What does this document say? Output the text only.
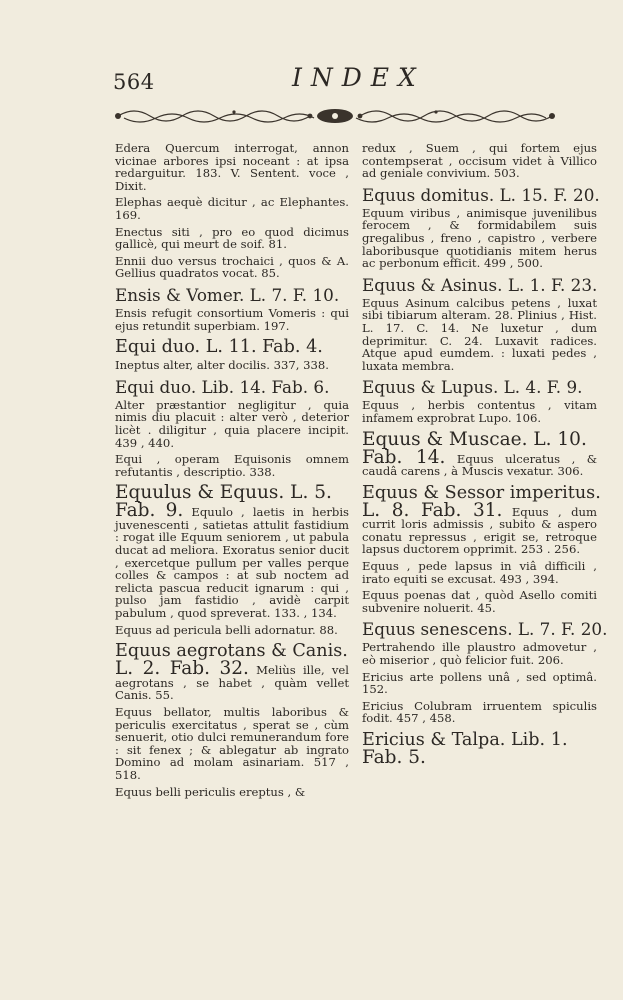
564	INDEX
Edera Quercum interrogat, annon vicinae arbores ipsi noceant : at ipsa redarguitur. 183. V. Sentent. voce , Dixit.
Elephas aequè dicitur , ac Elephantes. 169.
Enectus siti , pro eo quod dicimus gallicè, qui meurt de soif. 81.
Ennii duo versus trochaici , quos & A. Gellius quadratos vocat. 85.
Ensis & Vomer. L. 7. F. 10.
Ensis refugit consortium Vomeris : qui ejus retundit superbiam. 197.
Equi duo. L. 11. Fab. 4.
Ineptus alter, alter docilis. 337, 338.
Equi duo. Lib. 14. Fab. 6.
Alter præstantior negligitur , quia nimis diu placuit : alter verò , deterior licèt . diligitur , quia placere incipit. 439 , 440.
Equi , operam Equisonis omnem refutantis , descriptio. 338.
Equulus & Equus. L. 5.
Fab. 9. Equulo , laetis in herbis juvenescenti , satietas attulit fastidium : rogat ille Equum seniorem , ut pabula ducat ad meliora. Exoratus senior ducit , exercetque pullum per valles perque colles & campos : at sub noctem ad relicta pascua reducit ignarum : qui , pulso jam fastidio , avidè carpit pabulum , quod spreverat. 133. , 134.
Equus ad pericula belli adornatur. 88.
Equus aegrotans & Canis.
L. 2. Fab. 32. Meliùs ille, vel aegrotans , se habet , quàm vellet Canis. 55.
Equus bellator, multis laboribus & periculis exercitatus , sperat se , cùm senuerit, otio dulci remunerandum fore : sit fenex ; & ablegatur ab ingrato Domino ad molam asinariam. 517 , 518.
Equus belli periculis ereptus , &
redux , Suem , qui fortem ejus contempserat , occisum videt à Villico ad geniale convivium. 503.
Equus domitus. L. 15. F. 20.
Equum viribus , animisque juvenilibus ferocem , & formidabilem suis gregalibus , freno , capistro , verbere laboribusque quotidianis mitem herus ac perbonum efficit. 499 , 500.
Equus & Asinus. L. 1. F. 23.
Equus Asinum calcibus petens , luxat sibi tibiarum alteram. 28. Plinius , Hist. L. 17. C. 14. Ne luxetur , dum deprimitur. C. 24. Luxavit radices. Atque apud eumdem. : luxati pedes , luxata membra.
Equus & Lupus. L. 4. F. 9.
Equus , herbis contentus , vitam infamem exprobrat Lupo. 106.
Equus & Muscae. L. 10.
Fab. 14. Equus ulceratus , & caudâ carens , à Muscis vexatur. 306.
Equus & Sessor imperitus.
L. 8. Fab. 31. Equus , dum currit loris admissis , subito & aspero conatu repressus , erigit se, retroque lapsus ductorem opprimit. 253 . 256.
Equus , pede lapsus in viâ difficili , irato equiti se excusat. 493 , 394.
Equus poenas dat , quòd Asello comiti subvenire noluerit. 45.
Equus senescens. L. 7. F. 20.
Pertrahendo ille plaustro admovetur , eò miserior , quò felicior fuit. 206.
Ericius arte pollens unâ , sed optimâ. 152.
Ericius Colubram irruentem spiculis fodit. 457 , 458.
Ericius & Talpa. Lib. 1.
Fab. 5.
